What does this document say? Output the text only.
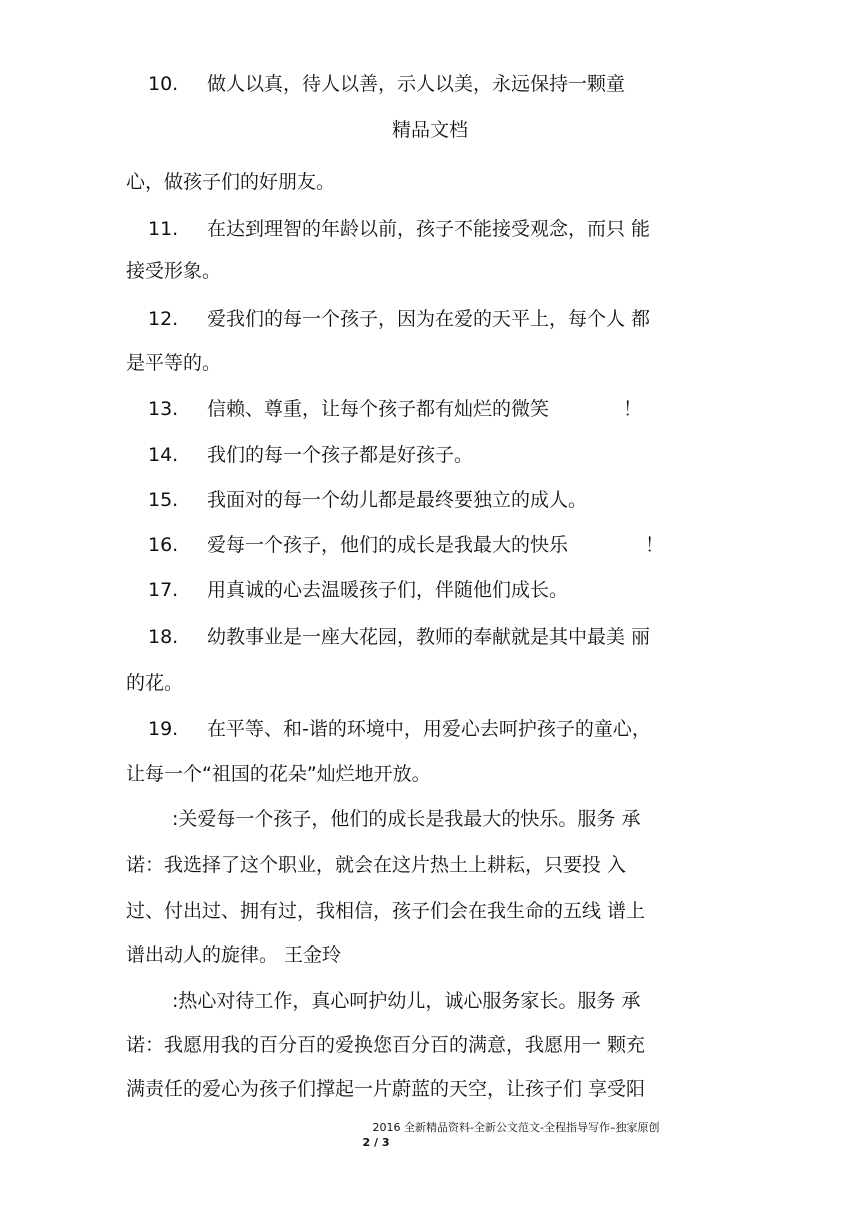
10. 做人以真，待人以善，示人以美，永远保持一颗童
精品文档
心，做孩子们的好朋友。
11. 在达到理智的年龄以前，孩子不能接受观念，而只 能
接受形象。
12. 爱我们的每一个孩子，因为在爱的天平上，每个人 都
是平等的。
13. 信赖、尊重，让每个孩子都有灿烂的微笑	！
14. 我们的每一个孩子都是好孩子。
15. 我面对的每一个幼儿都是最终要独立的成人。
16. 爱每一个孩子，他们的成长是我最大的快乐	！
17. 用真诚的心去温暖孩子们，伴随他们成长。
18. 幼教事业是一座大花园，教师的奉献就是其中最美 丽
的花。
19. 在平等、和-谐的环境中，用爱心去呵护孩子的童心，
让每一个“祖国的花朵”灿烂地开放。
:关爱每一个孩子，他们的成长是我最大的快乐。服务 承
诺：我选择了这个职业，就会在这片热土上耕耘，只要投 入
过、付出过、拥有过，我相信，孩子们会在我生命的五线 谱上
谱出动人的旋律。 王金玲
:热心对待工作，真心呵护幼儿，诚心服务家长。服务 承
诺：我愿用我的百分百的爱换您百分百的满意，我愿用一 颗充
满责任的爱心为孩子们撑起一片蔚蓝的天空，让孩子们 享受阳
2016 全新精品资料-全新公文范文-全程指导写作–独家原创
2 / 3
